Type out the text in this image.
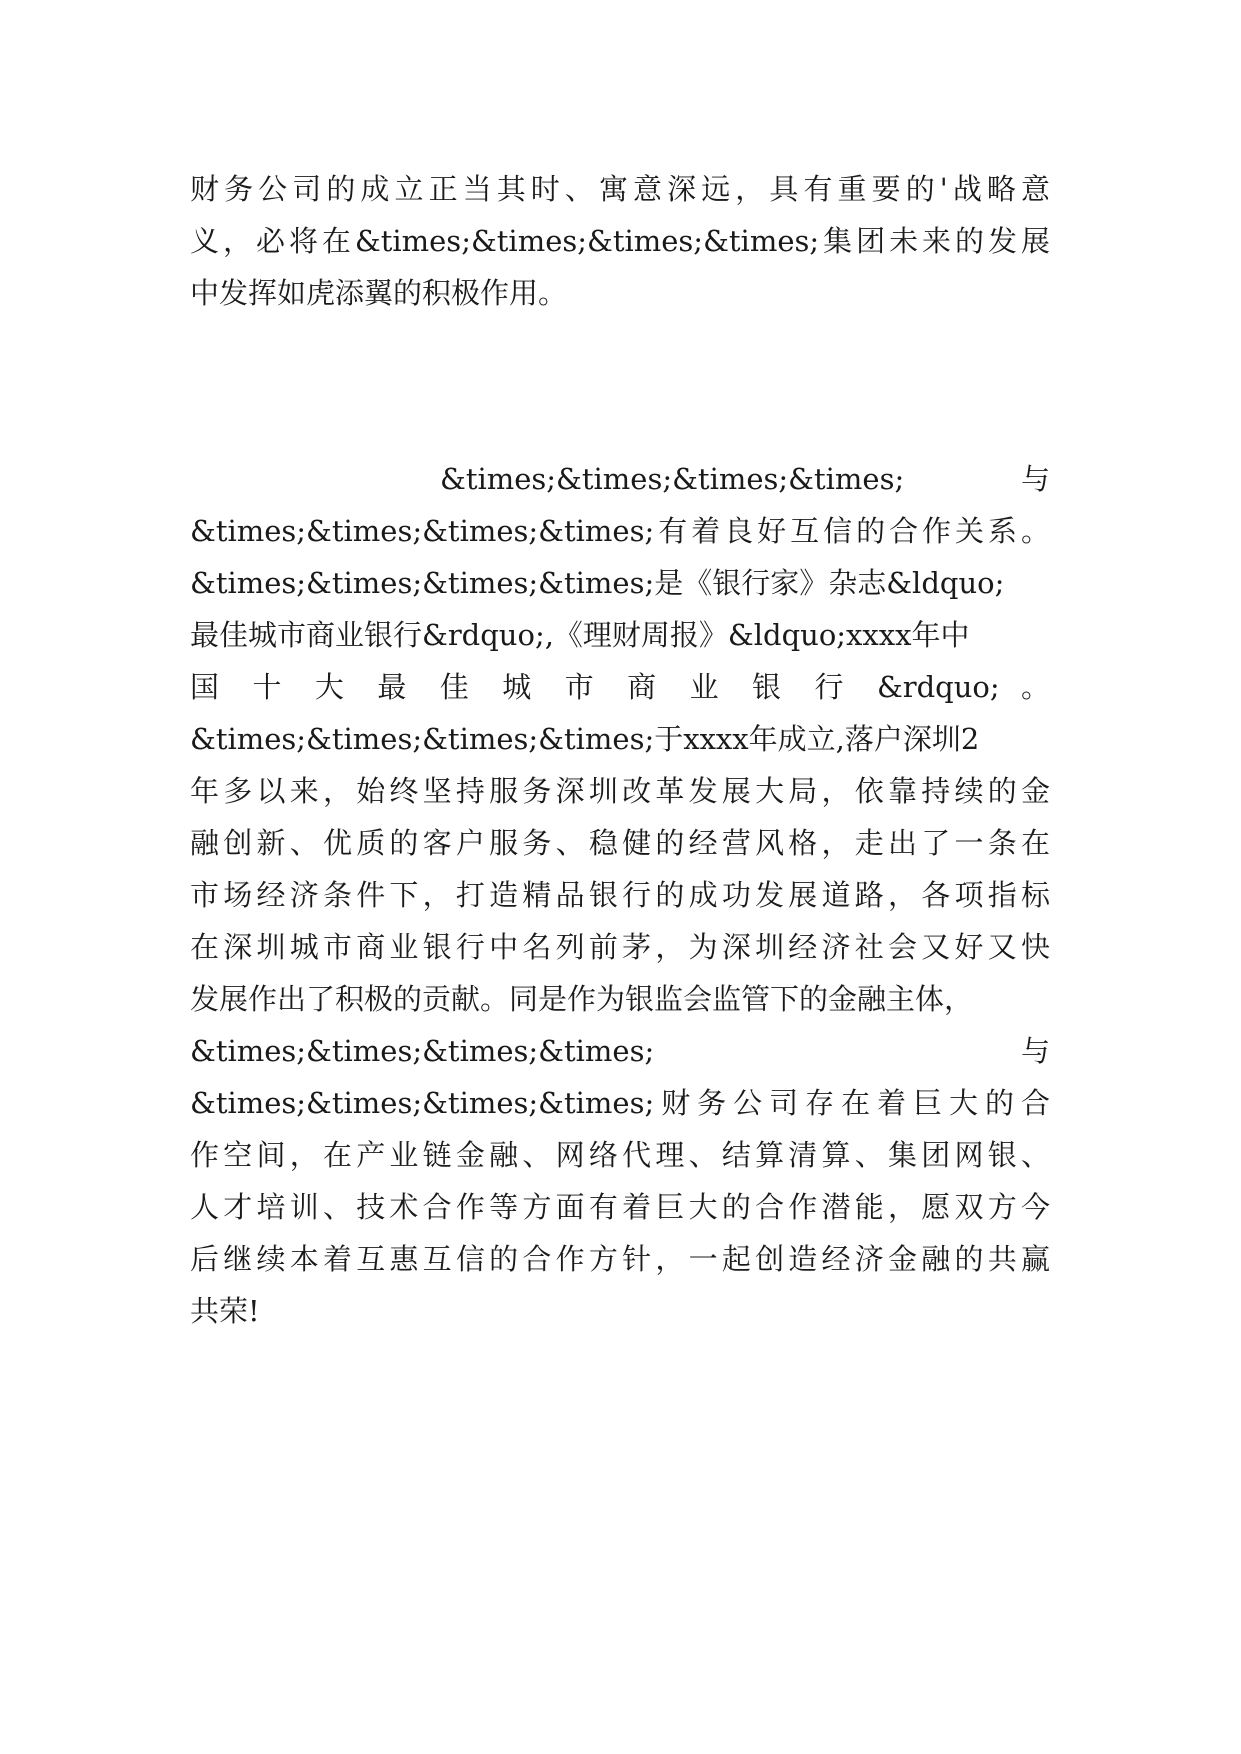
财务公司的成立正当其时、寓意深远，具有重要的'战略意
义，必将在&times;&times;&times;&times;集团未来的发展
中发挥如虎添翼的积极作用。
&times;&times;&times;&times;　　　与
&times;&times;&times;&times;有着良好互信的合作关系。
&times;&times;&times;&times;是《银行家》杂志&ldquo;
最佳城市商业银行&rdquo;,《理财周报》&ldquo;xxxx年中
国 十 大 最 佳 城 市 商 业 银 行 &rdquo; 。
&times;&times;&times;&times;于xxxx年成立,落户深圳2
年多以来，始终坚持服务深圳改革发展大局，依靠持续的金
融创新、优质的客户服务、稳健的经营风格，走出了一条在
市场经济条件下，打造精品银行的成功发展道路，各项指标
在深圳城市商业银行中名列前茅，为深圳经济社会又好又快
发展作出了积极的贡献。同是作为银监会监管下的金融主体，
&times;&times;&times;&times;　　　　　　　　与
&times;&times;&times;&times;财务公司存在着巨大的合
作空间，在产业链金融、网络代理、结算清算、集团网银、
人才培训、技术合作等方面有着巨大的合作潜能，愿双方今
后继续本着互惠互信的合作方针，一起创造经济金融的共赢
共荣!
